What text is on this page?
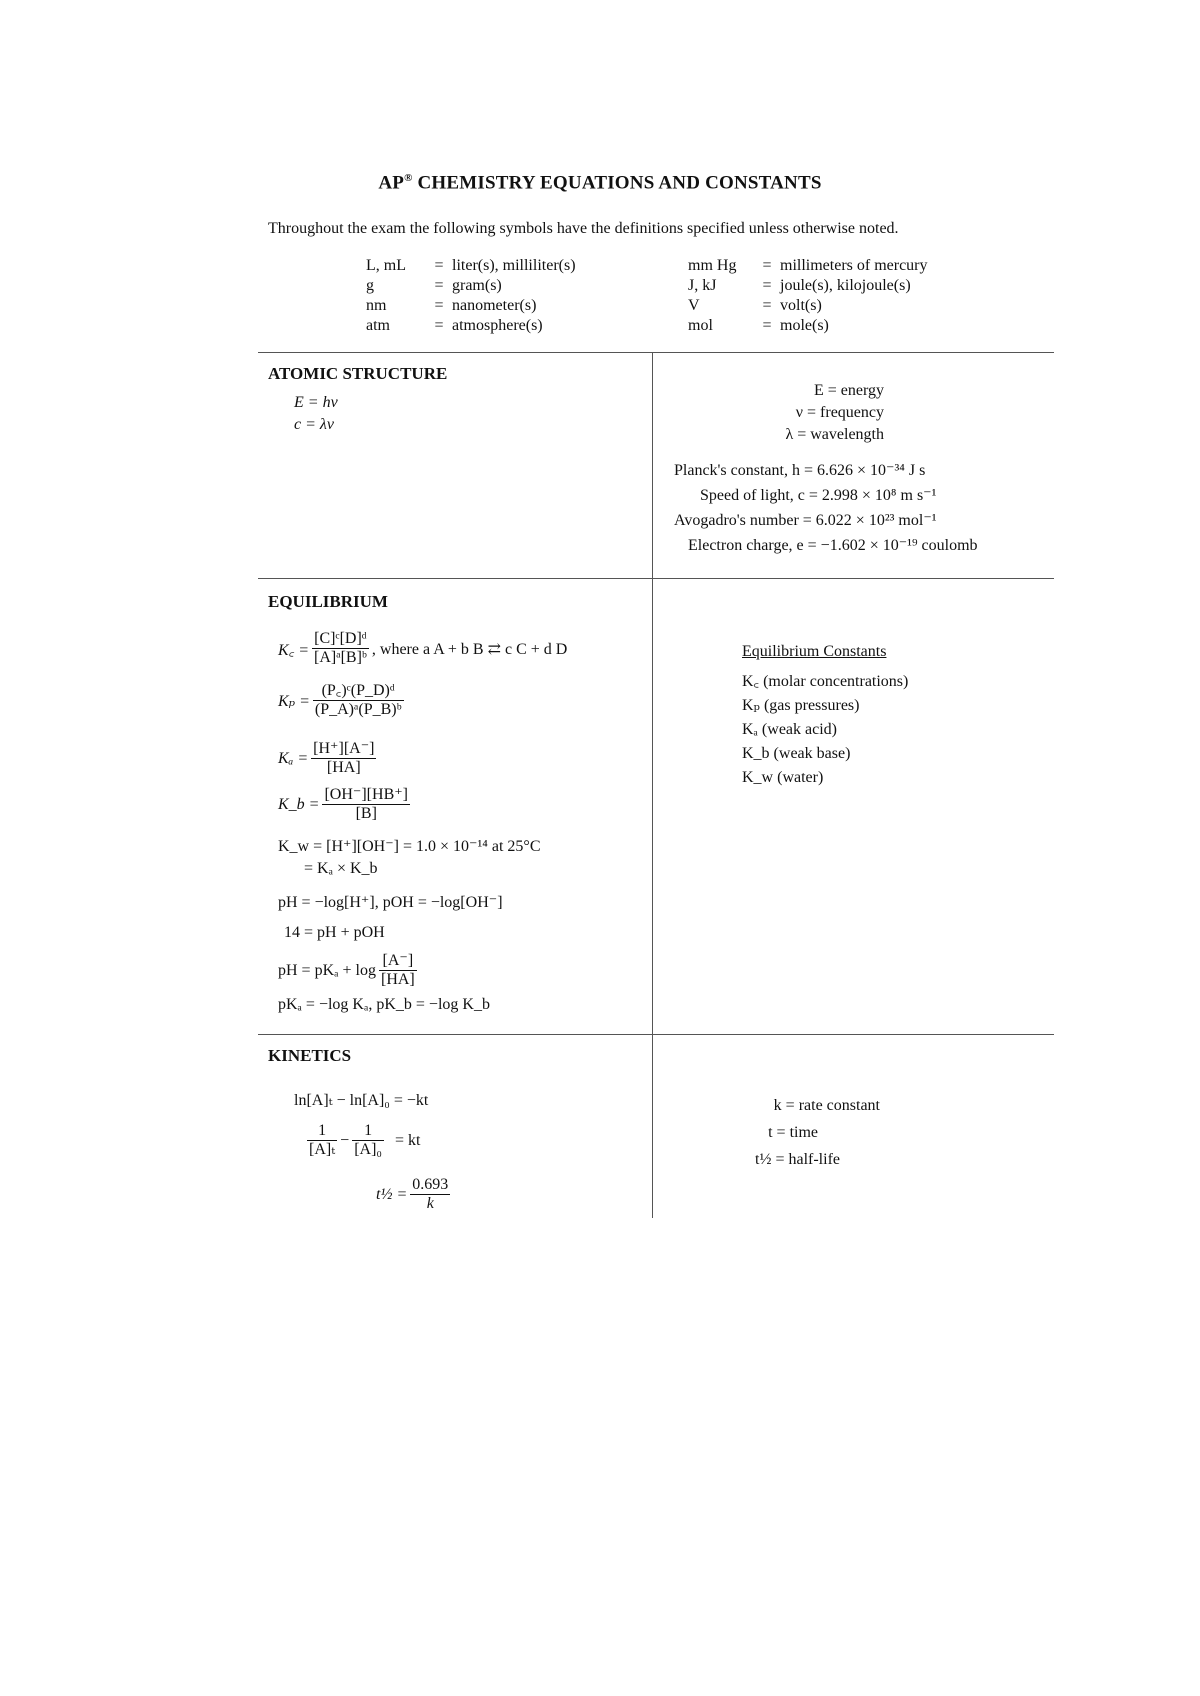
AP® CHEMISTRY EQUATIONS AND CONSTANTS
Throughout the exam the following symbols have the definitions specified unless otherwise noted.
L, mL	= liter(s), milliliter(s)
g	= gram(s)
nm	= nanometer(s)
atm	= atmosphere(s)
mm Hg	= millimeters of mercury
J, kJ	= joule(s), kilojoule(s)
V	= volt(s)
mol	= mole(s)
ATOMIC STRUCTURE
E = hν
c = λν
E = energy
ν = frequency
λ = wavelength
Planck's constant, h = 6.626 × 10⁻³⁴ J s
Speed of light, c = 2.998 × 10⁸ m s⁻¹
Avogadro's number = 6.022 × 10²³ mol⁻¹
Electron charge, e = −1.602 × 10⁻¹⁹ coulomb
EQUILIBRIUM
K꜀ = $\frac{\text{[C]ᶜ[D]ᵈ}}{\text{[A]ᵃ[B]ᵇ}}$ , where a A + b B ⇄ c C + d D
$K_p = \frac{\text{(P꜀)ᶜ(P\_D)ᵈ}}{\text{(P\_A)ᵃ(P\_B)ᵇ}}$
$K_a = \frac{[H^+][A^-]}{[HA]}$
K_b = $\frac{[OH^-][HB^+]}{[B]}$
K_w = [H⁺][OH⁻] = 1.0 × 10⁻¹⁴ at 25°C
= Kₐ × K_b
pH = −log[H⁺], pOH = −log[OH⁻]
14 = pH + pOH
pH = $pK_a + \log \frac{[A^-]}{[HA]}$
pKₐ = −log Kₐ, pK_b = −log K_b
Equilibrium Constants
K꜀ (molar concentrations)
Kₚ (gas pressures)
Kₐ (weak acid)
K_b (weak base)
K_w (water)
KINETICS
ln[A]ₜ − ln[A]₀ = −kt
$\frac{1}{\text{[A]ₜ}} - \frac{1}{\text{[A]₀}}$ = kt
t½ = $\frac{0.693}{k}$
k = rate constant
t = time
t½ = half-life
